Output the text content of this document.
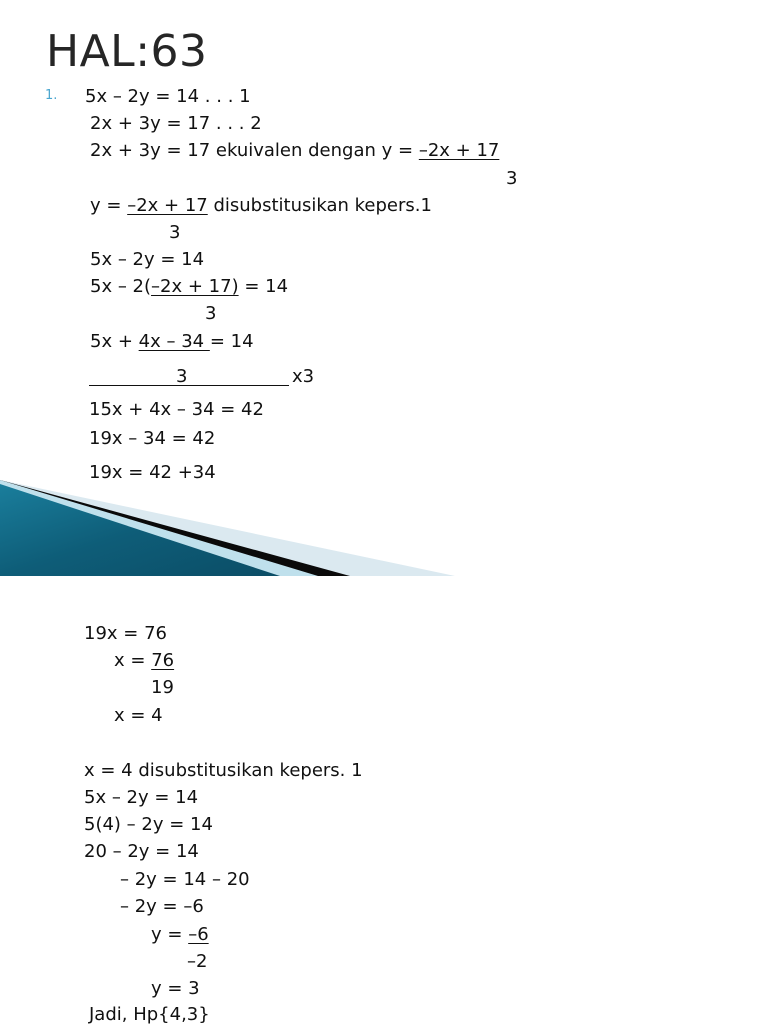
HAL:63
1. 5x – 2y = 14 . . . 1
2x + 3y = 17 . . . 2
2x + 3y = 17 ekuivalen dengan y = –2x + 17
3
y = –2x + 17 disubstitusikan kepers.1
3
5x – 2y = 14
5x – 2(–2x + 17) = 14
3
5x + 4x – 34 = 14
3	x3
15x + 4x – 34 = 42
19x – 34 = 42
19x = 42 +34
19x = 76
x = 76
19
x = 4
x = 4 disubstitusikan kepers. 1
5x – 2y = 14
5(4) – 2y = 14
20 – 2y = 14
– 2y = 14 – 20
– 2y = –6
y = –6
–2
y = 3
Jadi, Hp{4,3}
